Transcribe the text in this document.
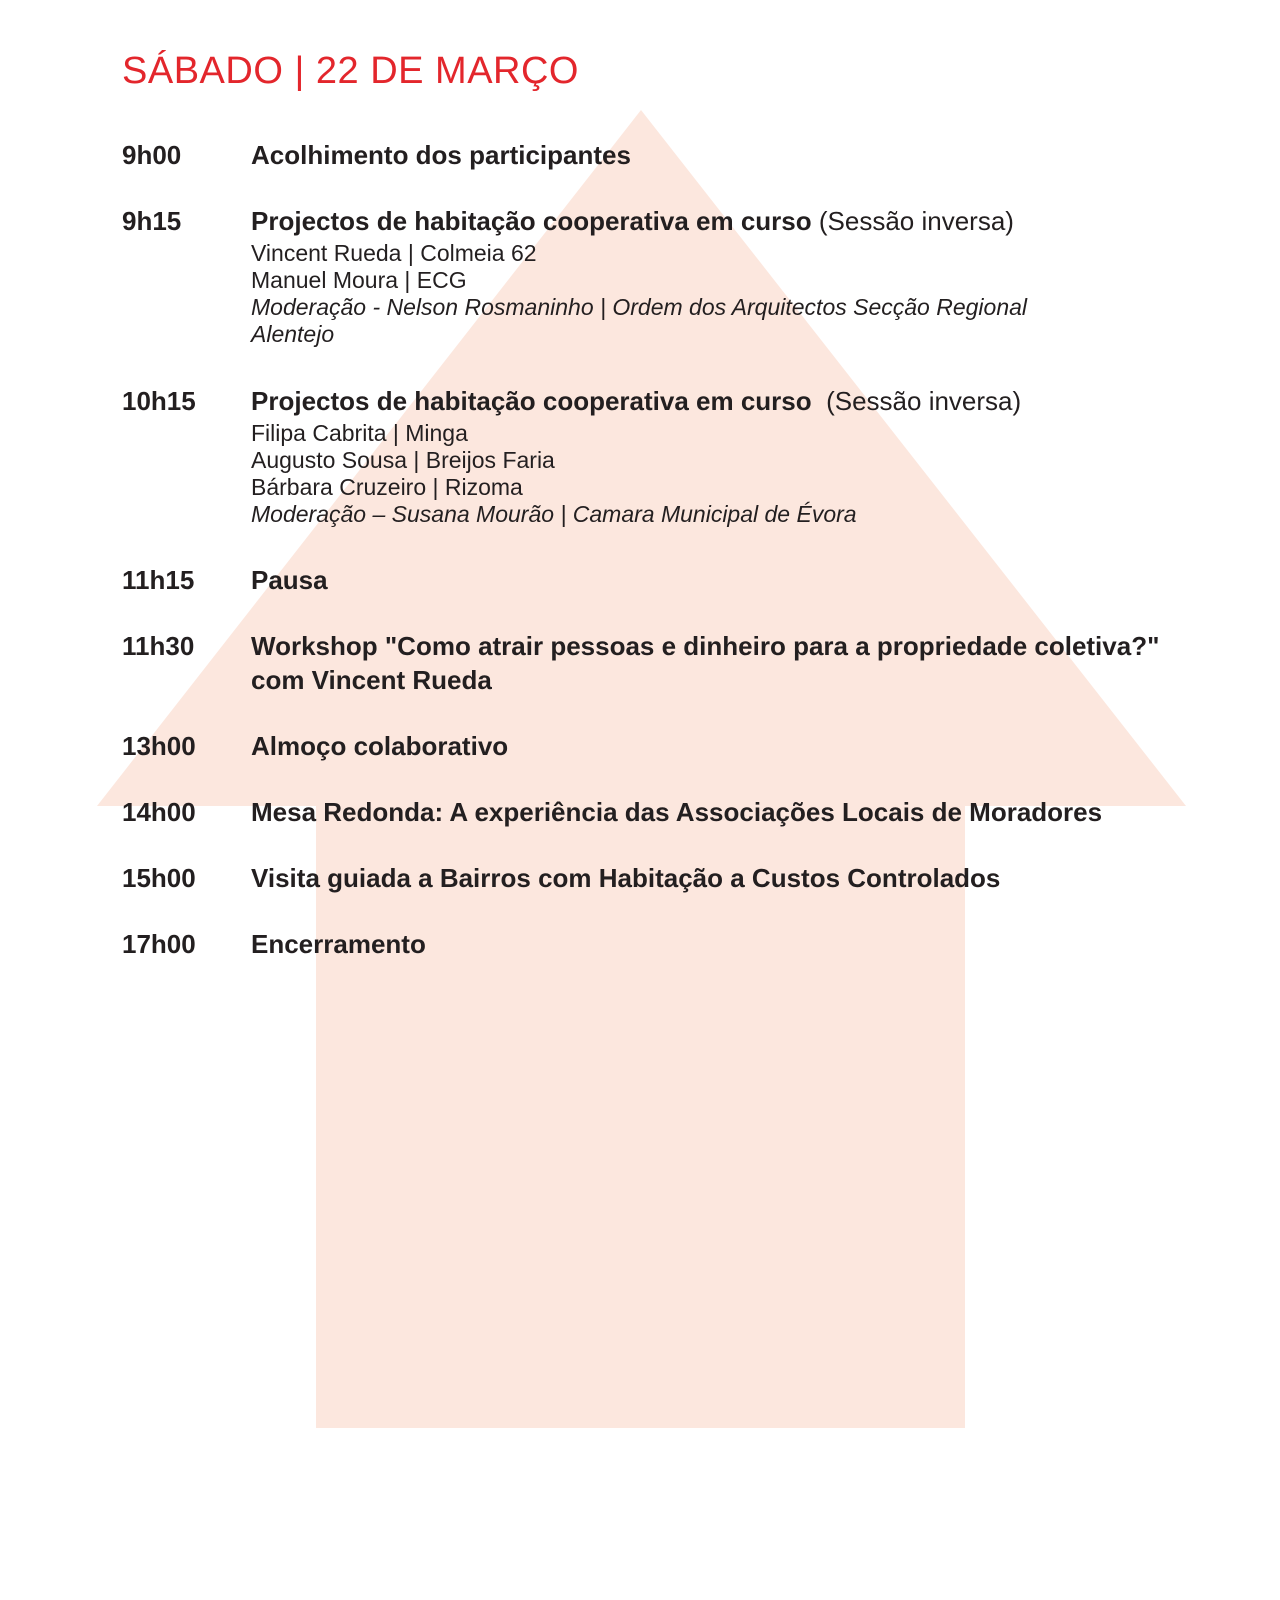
SÁBADO | 22 DE MARÇO
9h00	Acolhimento dos participantes
9h15	Projectos de habitação cooperativa em curso (Sessão inversa)
Vincent Rueda | Colmeia 62
Manuel Moura | ECG
Moderação - Nelson Rosmaninho | Ordem dos Arquitectos Secção Regional
Alentejo
10h15 Projectos de habitação cooperativa em curso (Sessão inversa)
Filipa Cabrita | Minga
Augusto Sousa | Breijos Faria
Bárbara Cruzeiro | Rizoma
Moderação – Susana Mourão | Camara Municipal de Évora
11h15 Pausa
11h30 Workshop "Como atrair pessoas e dinheiro para a propriedade coletiva?"
com Vincent Rueda
13h00 Almoço colaborativo
14h00 Mesa Redonda: A experiência das Associações Locais de Moradores
15h00 Visita guiada a Bairros com Habitação a Custos Controlados
17h00 Encerramento
